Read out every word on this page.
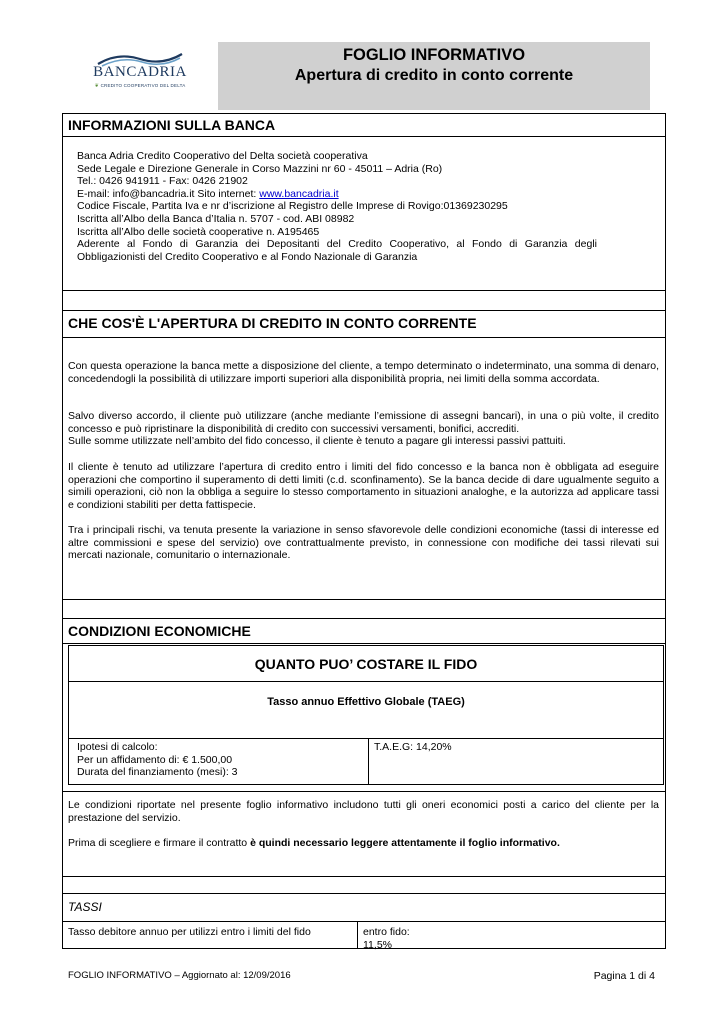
BANCADRIA
❦ CREDITO COOPERATIVO DEL DELTA
FOGLIO INFORMATIVO
Apertura di credito in conto corrente
INFORMAZIONI SULLA BANCA
Banca Adria Credito Cooperativo del Delta società cooperativa
Sede Legale e Direzione Generale in Corso Mazzini nr 60 - 45011 – Adria (Ro)
Tel.: 0426 941911 - Fax: 0426 21902
E-mail: info@bancadria.it Sito internet: www.bancadria.it
Codice Fiscale, Partita Iva e nr d’iscrizione al Registro delle Imprese di Rovigo:01369230295
Iscritta all’Albo della Banca d’Italia n. 5707 - cod. ABI 08982
Iscritta all’Albo delle società cooperative n. A195465
Aderente al Fondo di Garanzia dei Depositanti del Credito Cooperativo, al Fondo di Garanzia degli Obbligazionisti del Credito Cooperativo e al Fondo Nazionale di Garanzia
CHE COS'È L'APERTURA DI CREDITO IN CONTO CORRENTE
Con questa operazione la banca mette a disposizione del cliente, a tempo determinato o indeterminato, una somma di denaro, concedendogli la possibilità di utilizzare importi superiori alla disponibilità propria, nei limiti della somma accordata.
Salvo diverso accordo, il cliente può utilizzare (anche mediante l’emissione di assegni bancari), in una o più volte, il credito concesso e può ripristinare la disponibilità di credito con successivi versamenti, bonifici, accrediti.
Sulle somme utilizzate nell’ambito del fido concesso, il cliente è tenuto a pagare gli interessi passivi pattuiti.
Il cliente è tenuto ad utilizzare l’apertura di credito entro i limiti del fido concesso e la banca non è obbligata ad eseguire operazioni che comportino il superamento di detti limiti (c.d. sconfinamento). Se la banca decide di dare ugualmente seguito a simili operazioni, ciò non la obbliga a seguire lo stesso comportamento in situazioni analoghe, e la autorizza ad applicare tassi e condizioni stabiliti per detta fattispecie.
Tra i principali rischi, va tenuta presente la variazione in senso sfavorevole delle condizioni economiche (tassi di interesse ed altre commissioni e spese del servizio) ove contrattualmente previsto, in connessione con modifiche dei tassi rilevati sui mercati nazionale, comunitario o internazionale.
CONDIZIONI ECONOMICHE
QUANTO PUO’ COSTARE IL FIDO
Tasso annuo Effettivo Globale (TAEG)
Ipotesi di calcolo:
Per un affidamento di: € 1.500,00
Durata del finanziamento (mesi): 3
T.A.E.G: 14,20%
Le condizioni riportate nel presente foglio informativo includono tutti gli oneri economici posti a carico del cliente per la prestazione del servizio.
Prima di scegliere e firmare il contratto è quindi necessario leggere attentamente il foglio informativo.
TASSI
Tasso debitore annuo per utilizzi entro i limiti del fido	entro fido:
11,5%
FOGLIO INFORMATIVO – Aggiornato al: 12/09/2016	Pagina 1 di 4
